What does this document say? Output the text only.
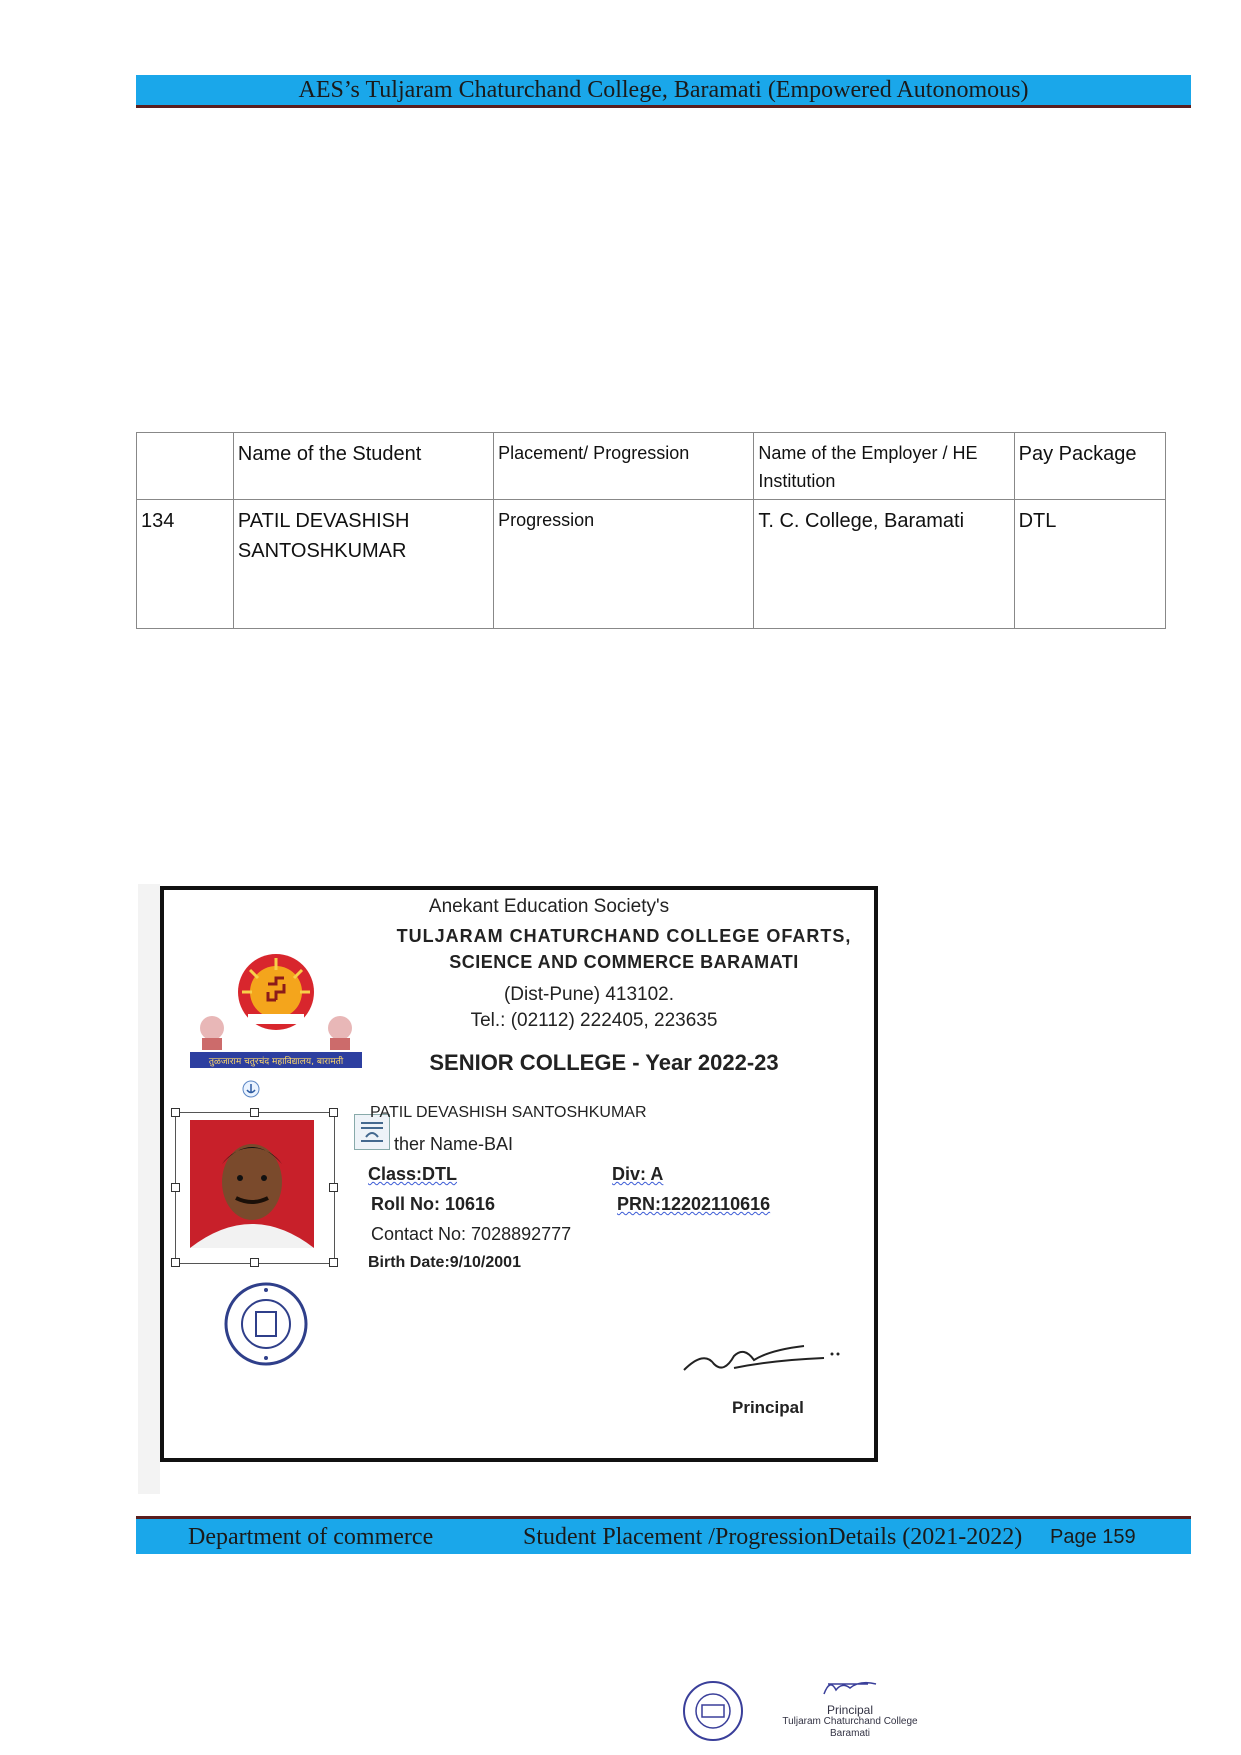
AES’s Tuljaram Chaturchand College, Baramati (Empowered Autonomous)
	Name of the Student	Placement/ Progression	Name of the Employer / HE Institution	Pay Package
134	PATIL DEVASHISH SANTOSHKUMAR	Progression	T. C. College, Baramati	DTL
Anekant Education Society's
TULJARAM CHATURCHAND COLLEGE OFARTS,
SCIENCE AND COMMERCE BARAMATI
(Dist-Pune) 413102.
Tel.: (02112) 222405, 223635
SENIOR COLLEGE - Year 2022-23
तुळजाराम चतुरचंद महाविद्यालय, बारामती
PATIL DEVASHISH SANTOSHKUMAR
ther Name-BAI
Class:DTL	Div: A
Roll No: 10616	PRN:12202110616
Contact No: 7028892777
Birth Date:9/10/2001
Principal
Department of commerce	Student Placement /ProgressionDetails (2021-2022) Page 159
Principal
Tuljaram Chaturchand College
Baramati
